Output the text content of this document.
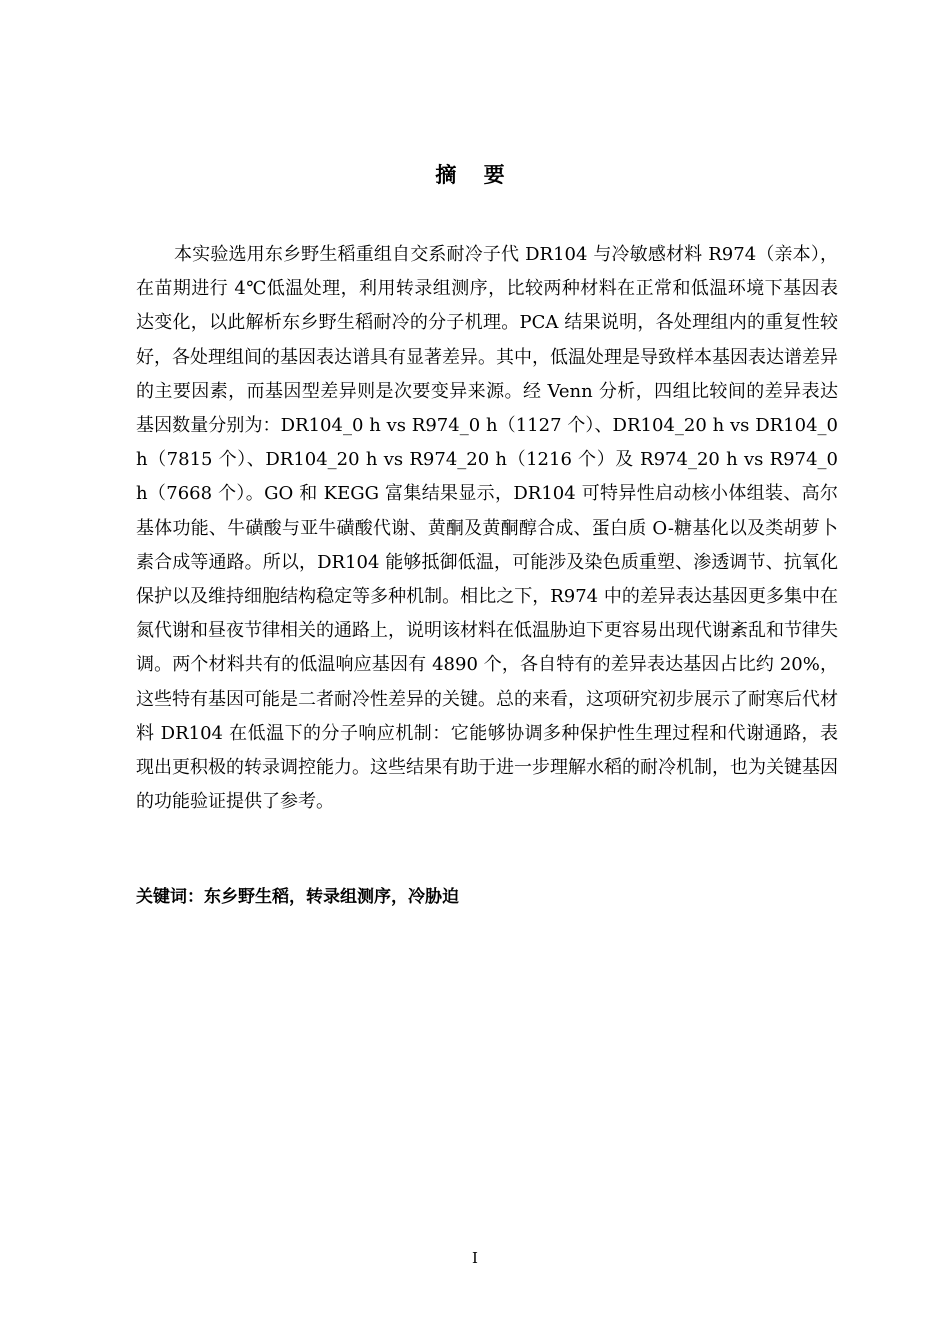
摘 要

本实验选用东乡野生稻重组自交系耐冷子代 DR104 与冷敏感材料 R974（亲本），在苗期进行 4℃低温处理，利用转录组测序，比较两种材料在正常和低温环境下基因表达变化，以此解析东乡野生稻耐冷的分子机理。PCA 结果说明，各处理组内的重复性较好，各处理组间的基因表达谱具有显著差异。其中，低温处理是导致样本基因表达谱差异的主要因素，而基因型差异则是次要变异来源。经 Venn 分析，四组比较间的差异表达基因数量分别为：DR104_0 h vs R974_0 h（1127 个）、DR104_20 h vs DR104_0 h（7815 个）、DR104_20 h vs R974_20 h（1216 个）及 R974_20 h vs R974_0 h（7668 个）。GO 和 KEGG 富集结果显示，DR104 可特异性启动核小体组装、高尔基体功能、牛磺酸与亚牛磺酸代谢、黄酮及黄酮醇合成、蛋白质 O-糖基化以及类胡萝卜素合成等通路。所以，DR104 能够抵御低温，可能涉及染色质重塑、渗透调节、抗氧化保护以及维持细胞结构稳定等多种机制。相比之下，R974 中的差异表达基因更多集中在氮代谢和昼夜节律相关的通路上，说明该材料在低温胁迫下更容易出现代谢紊乱和节律失调。两个材料共有的低温响应基因有 4890 个，各自特有的差异表达基因占比约 20%，这些特有基因可能是二者耐冷性差异的关键。总的来看，这项研究初步展示了耐寒后代材料 DR104 在低温下的分子响应机制：它能够协调多种保护性生理过程和代谢通路，表现出更积极的转录调控能力。这些结果有助于进一步理解水稻的耐冷机制，也为关键基因的功能验证提供了参考。

关键词：东乡野生稻，转录组测序，冷胁迫
I
